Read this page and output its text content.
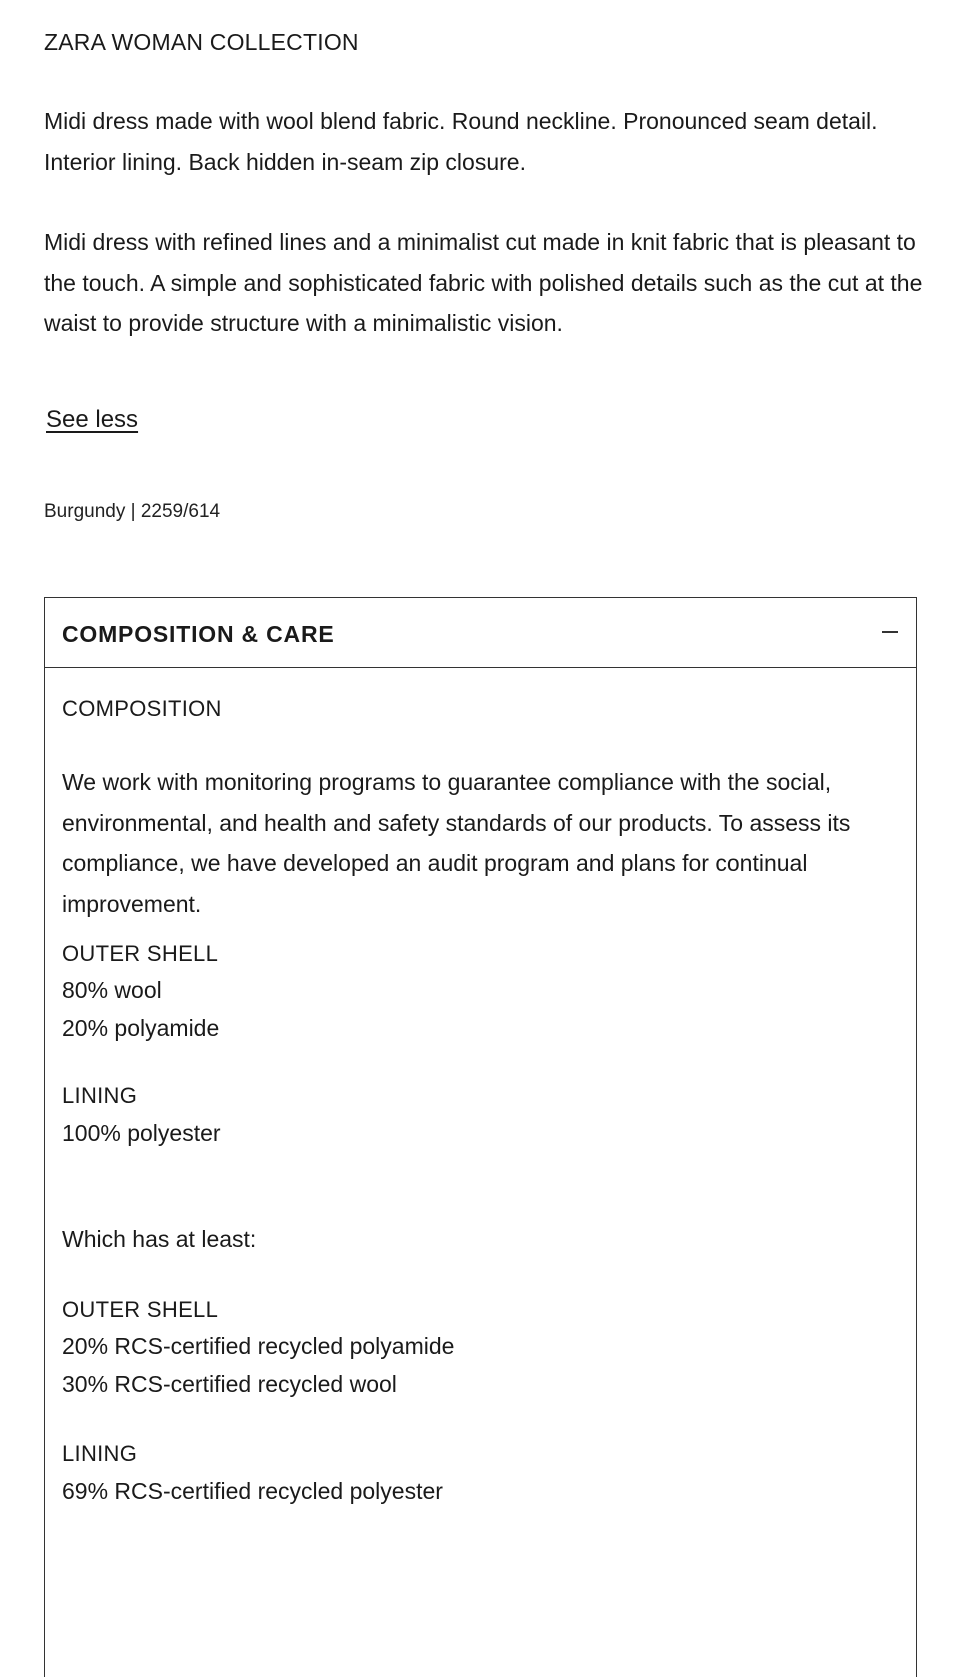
ZARA WOMAN COLLECTION

Midi dress made with wool blend fabric. Round neckline. Pronounced seam detail. Interior lining. Back hidden in-seam zip closure.

Midi dress with refined lines and a minimalist cut made in knit fabric that is pleasant to the touch. A simple and sophisticated fabric with polished details such as the cut at the waist to provide structure with a minimalistic vision.

See less
Burgundy | 2259/614
COMPOSITION & CARE
COMPOSITION

We work with monitoring programs to guarantee compliance with the social, environmental, and health and safety standards of our products. To assess its compliance, we have developed an audit program and plans for continual improvement.

OUTER SHELL
80% wool
20% polyamide
LINING
100% polyester
Which has at least:
OUTER SHELL
20% RCS-certified recycled polyamide
30% RCS-certified recycled wool
LINING
69% RCS-certified recycled polyester
